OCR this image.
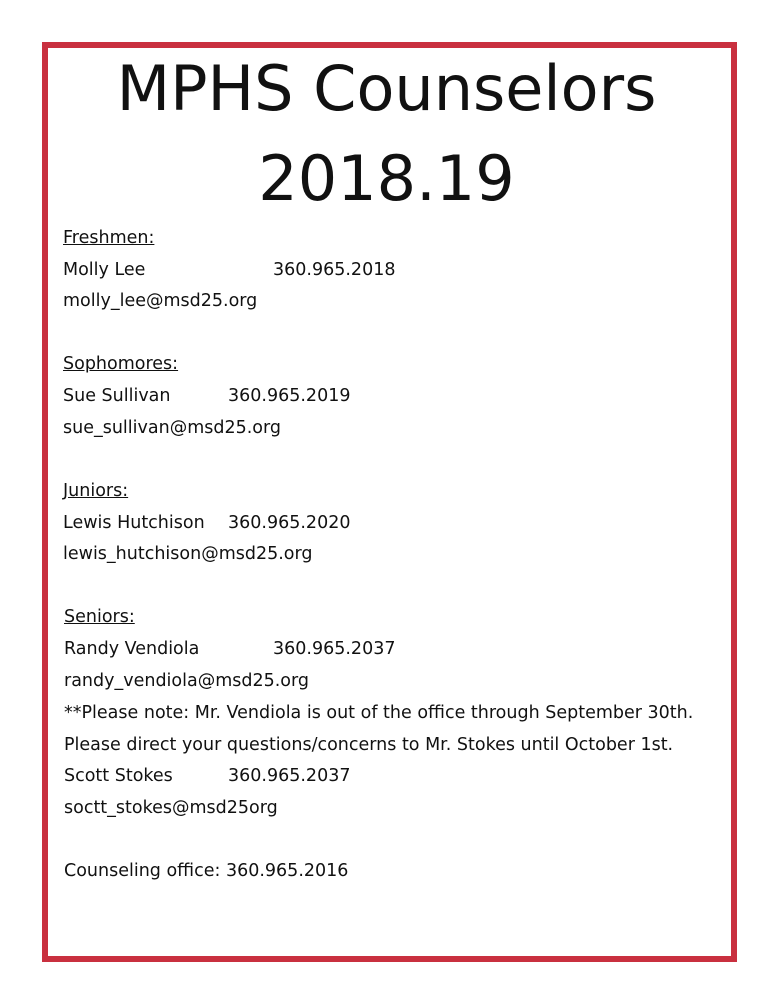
MPHS Counselors
2018.19
Freshmen:
Molly Lee	360.965.2018
molly_lee@msd25.org
Sophomores:
Sue Sullivan	360.965.2019
sue_sullivan@msd25.org
Juniors:
Lewis Hutchison 360.965.2020
lewis_hutchison@msd25.org
Seniors:
Randy Vendiola	360.965.2037
randy_vendiola@msd25.org
**Please note: Mr. Vendiola is out of the office through September 30th.
Please direct your questions/concerns to Mr. Stokes until October 1st.
Scott Stokes	360.965.2037
soctt_stokes@msd25org
Counseling office: 360.965.2016
